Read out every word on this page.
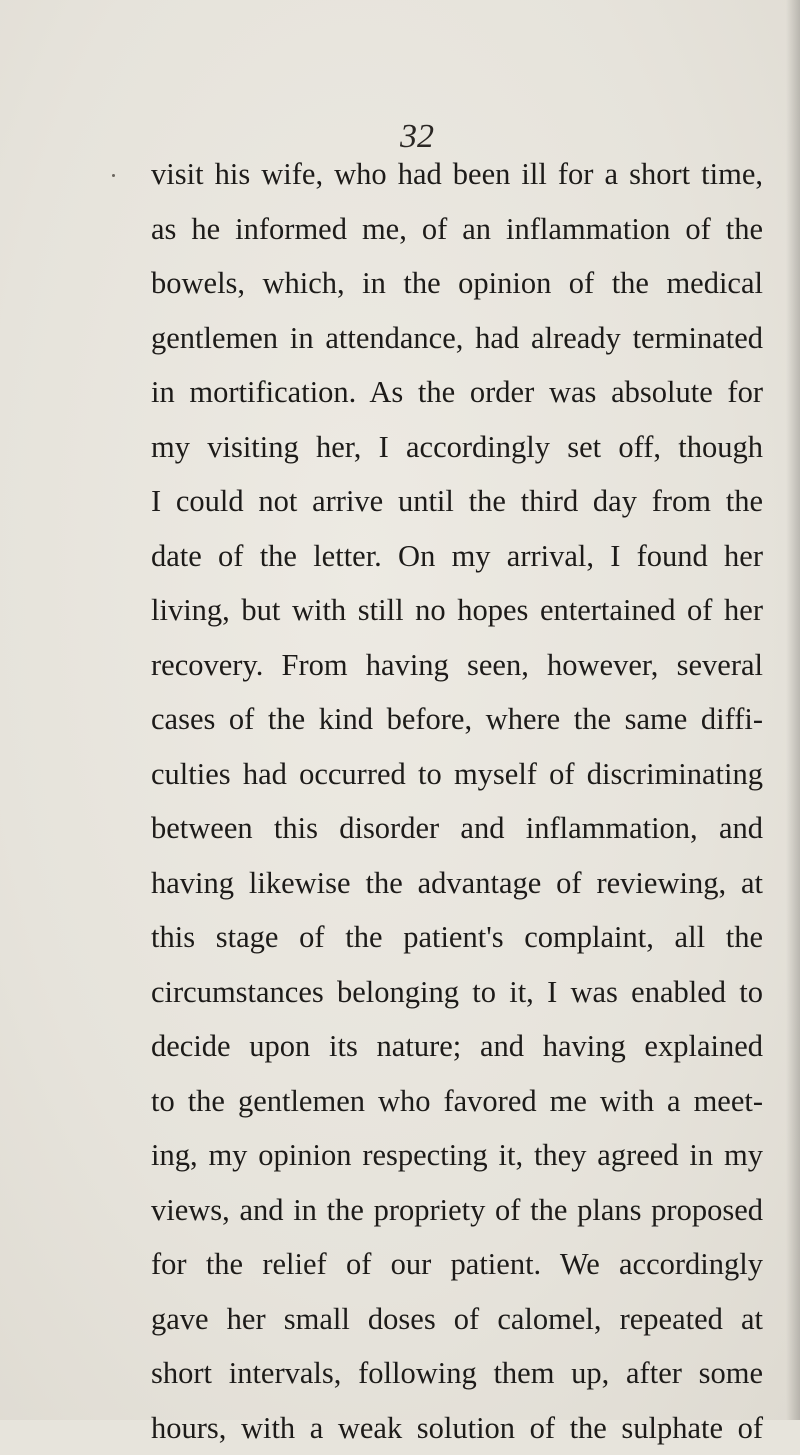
32
visit his wife, who had been ill for a short time,
as he informed me, of an inflammation of the
bowels, which, in the opinion of the medical
gentlemen in attendance, had already terminated
in mortification. As the order was absolute for
my visiting her, I accordingly set off, though
I could not arrive until the third day from the
date of the letter. On my arrival, I found her
living, but with still no hopes entertained of her
recovery. From having seen, however, several
cases of the kind before, where the same diffi-
culties had occurred to myself of discriminating
between this disorder and inflammation, and
having likewise the advantage of reviewing, at
this stage of the patient's complaint, all the
circumstances belonging to it, I was enabled to
decide upon its nature; and having explained
to the gentlemen who favored me with a meet-
ing, my opinion respecting it, they agreed in my
views, and in the propriety of the plans proposed
for the relief of our patient. We accordingly
gave her small doses of calomel, repeated at
short intervals, following them up, after some
hours, with a weak solution of the sulphate of
